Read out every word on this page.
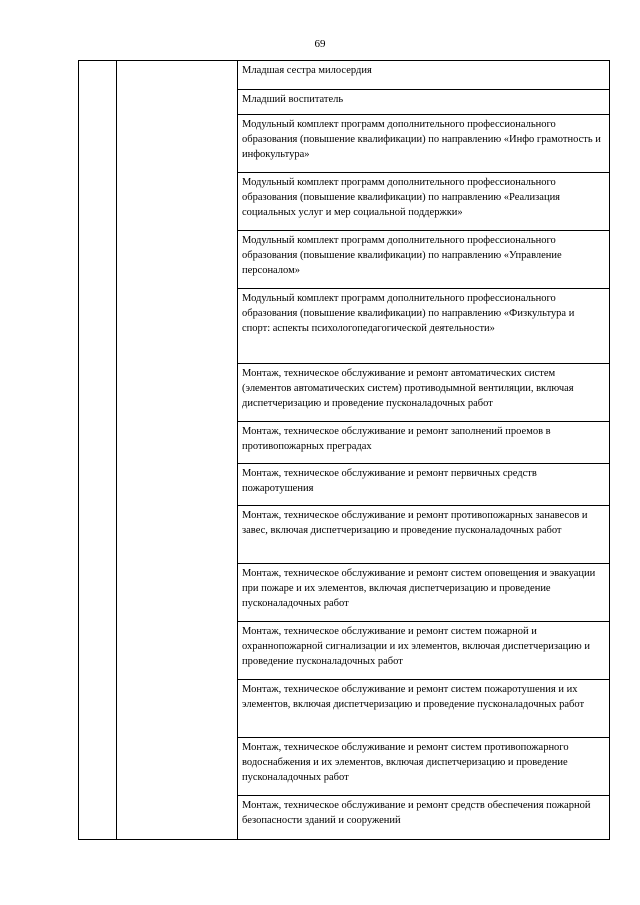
69
Младшая сестра милосердия
Младший воспитатель
Модульный комплект программ дополнительного профессионального образования (повышение квалификации) по направлению «Инфо грамотность и инфокультура»
Модульный комплект программ дополнительного профессионального образования (повышение квалификации) по направлению «Реализация социальных услуг и мер социальной поддержки»
Модульный комплект программ дополнительного профессионального образования (повышение квалификации) по направлению «Управление персоналом»
Модульный комплект программ дополнительного профессионального образования (повышение квалификации) по направлению «Физкультура и спорт: аспекты психологопедагогической деятельности»
Монтаж, техническое обслуживание и ремонт автоматических систем (элементов автоматических систем) противодымной вентиляции, включая диспетчеризацию и проведение пусконаладочных работ
Монтаж, техническое обслуживание и ремонт заполнений проемов в противопожарных преградах
Монтаж, техническое обслуживание и ремонт первичных средств пожаротушения
Монтаж, техническое обслуживание и ремонт противопожарных занавесов и завес, включая диспетчеризацию и проведение пусконаладочных работ
Монтаж, техническое обслуживание и ремонт систем оповещения и эвакуации при пожаре и их элементов, включая диспетчеризацию и проведение пусконаладочных работ
Монтаж, техническое обслуживание и ремонт систем пожарной и охраннопожарной сигнализации и их элементов, включая диспетчеризацию и проведение пусконаладочных работ
Монтаж, техническое обслуживание и ремонт систем пожаротушения и их элементов, включая диспетчеризацию и проведение пусконаладочных работ
Монтаж, техническое обслуживание и ремонт систем противопожарного водоснабжения и их элементов, включая диспетчеризацию и проведение пусконаладочных работ
Монтаж, техническое обслуживание и ремонт средств обеспечения пожарной безопасности зданий и сооружений
